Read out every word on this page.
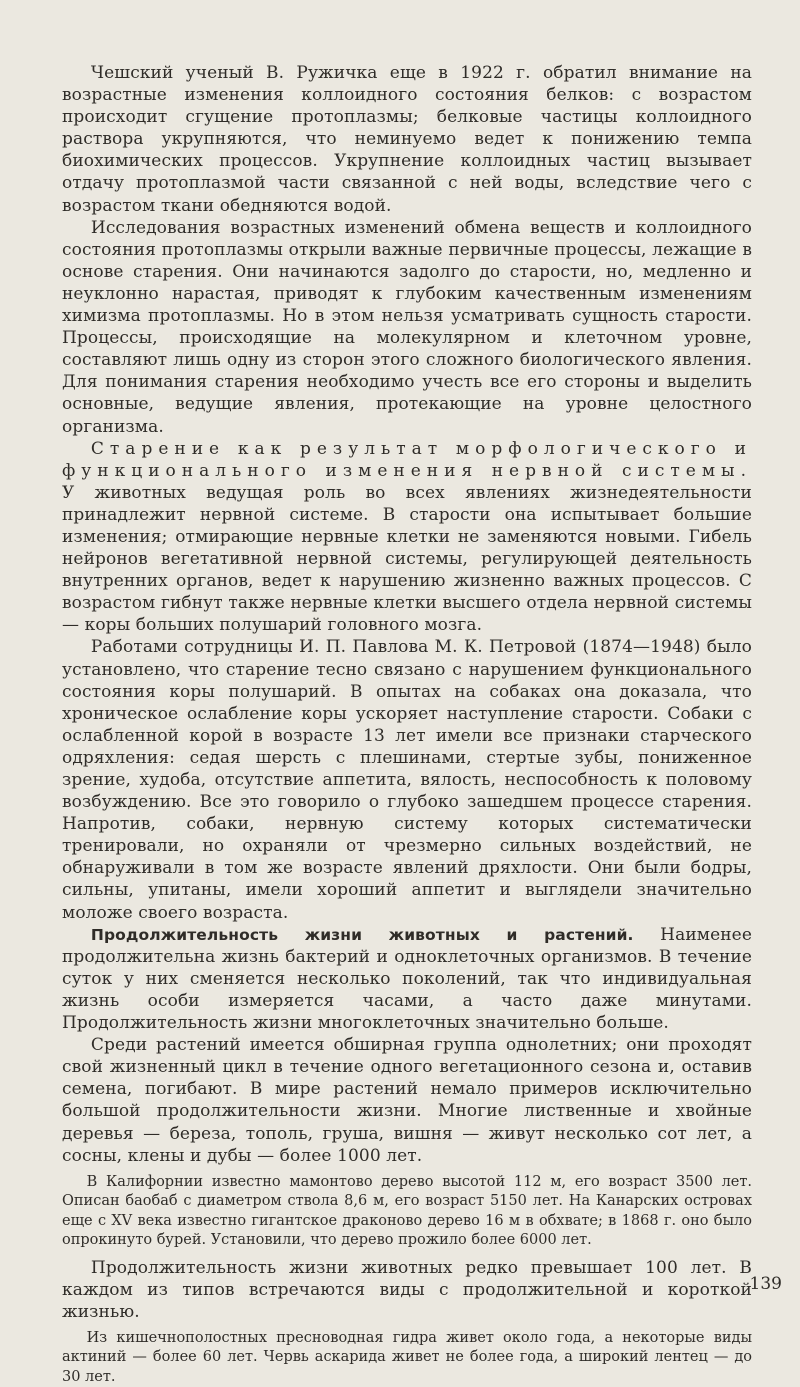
Чешский ученый В. Ружичка еще в 1922 г. обратил внимание на возрастные изменения коллоидного состояния белков: с возрастом происходит сгущение протоплазмы; белковые частицы коллоидного раствора укрупняются, что неминуемо ведет к понижению темпа биохимических процессов. Укрупнение коллоидных частиц вызывает отдачу протоплазмой части связанной с ней воды, вследствие чего с возрастом ткани обедняются водой.

Исследования возрастных изменений обмена веществ и коллоидного состояния протоплазмы открыли важные первичные процессы, лежащие в основе старения. Они начинаются задолго до старости, но, медленно и неуклонно нарастая, приводят к глубоким качественным изменениям химизма протоплазмы. Но в этом нельзя усматривать сущность старости. Процессы, происходящие на молекулярном и клеточном уровне, составляют лишь одну из сторон этого сложного биологического явления. Для понимания старения необходимо учесть все его стороны и выделить основные, ведущие явления, протекающие на уровне целостного организма.

Старение как результат морфологического и функционального изменения нервной системы. У животных ведущая роль во всех явлениях жизнедеятельности принадлежит нервной системе. В старости она испытывает большие изменения; отмирающие нервные клетки не заменяются новыми. Гибель нейронов вегетативной нервной системы, регулирующей деятельность внутренних органов, ведет к нарушению жизненно важных процессов. С возрастом гибнут также нервные клетки высшего отдела нервной системы — коры больших полушарий головного мозга.

Работами сотрудницы И. П. Павлова М. К. Петровой (1874—1948) было установлено, что старение тесно связано с нарушением функционального состояния коры полушарий. В опытах на собаках она доказала, что хроническое ослабление коры ускоряет наступление старости. Собаки с ослабленной корой в возрасте 13 лет имели все признаки старческого одряхления: седая шерсть с плешинами, стертые зубы, пониженное зрение, худоба, отсутствие аппетита, вялость, неспособность к половому возбуждению. Все это говорило о глубоко зашедшем процессе старения. Напротив, собаки, нервную систему которых систематически тренировали, но охраняли от чрезмерно сильных воздействий, не обнаруживали в том же возрасте явлений дряхлости. Они были бодры, сильны, упитаны, имели хороший аппетит и выглядели значительно моложе своего возраста.

Продолжительность жизни животных и растений. Наименее продолжительна жизнь бактерий и одноклеточных организмов. В течение суток у них сменяется несколько поколений, так что индивидуальная жизнь особи измеряется часами, а часто даже минутами. Продолжительность жизни многоклеточных значительно больше.

Среди растений имеется обширная группа однолетних; они проходят свой жизненный цикл в течение одного вегетационного сезона и, оставив семена, погибают. В мире растений немало примеров исключительно большой продолжительности жизни. Многие лиственные и хвойные деревья — береза, тополь, груша, вишня — живут несколько сот лет, а сосны, клены и дубы — более 1000 лет.

В Калифорнии известно мамонтово дерево высотой 112 м, его возраст 3500 лет. Описан баобаб с диаметром ствола 8,6 м, его возраст 5150 лет. На Канарских островах еще с XV века известно гигантское драконово дерево 16 м в обхвате; в 1868 г. оно было опрокинуто бурей. Установили, что дерево прожило более 6000 лет.

Продолжительность жизни животных редко превышает 100 лет. В каждом из типов встречаются виды с продолжительной и короткой жизнью.

Из кишечнополостных пресноводная гидра живет около года, а некоторые виды актиний — более 60 лет. Червь аскарида живет не более года, а широкий лентец — до 30 лет.

139
